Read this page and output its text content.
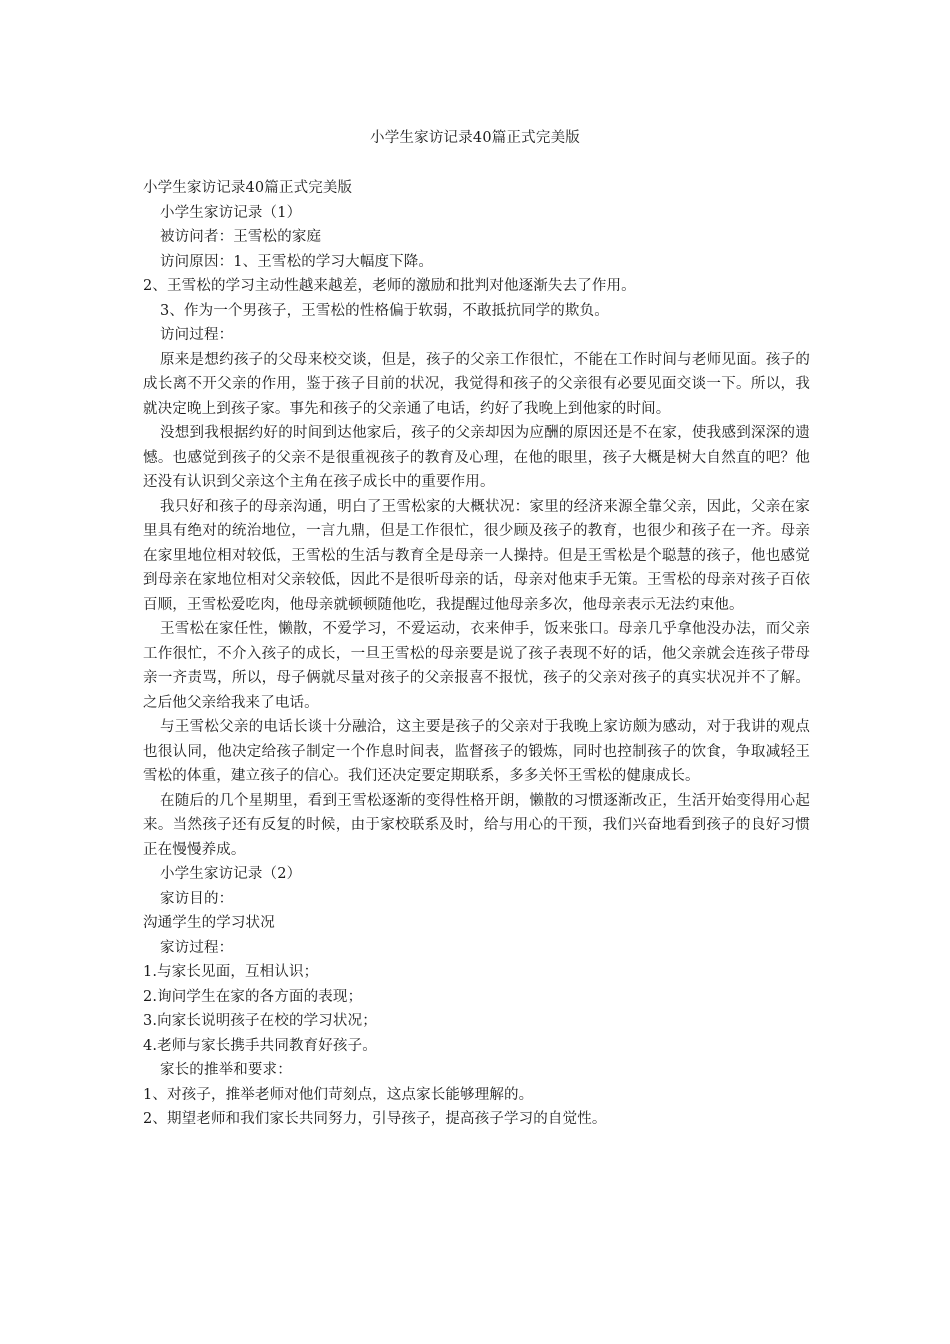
小学生家访记录40篇正式完美版

小学生家访记录40篇正式完美版

小学生家访记录（1）

被访问者：王雪松的家庭

访问原因：1、王雪松的学习大幅度下降。

2、王雪松的学习主动性越来越差，老师的激励和批判对他逐渐失去了作用。

3、作为一个男孩子，王雪松的性格偏于软弱，不敢抵抗同学的欺负。

访问过程：

原来是想约孩子的父母来校交谈，但是，孩子的父亲工作很忙，不能在工作时间与老师见面。孩子的成长离不开父亲的作用，鉴于孩子目前的状况，我觉得和孩子的父亲很有必要见面交谈一下。所以，我就决定晚上到孩子家。事先和孩子的父亲通了电话，约好了我晚上到他家的时间。

没想到我根据约好的时间到达他家后，孩子的父亲却因为应酬的原因还是不在家，使我感到深深的遗憾。也感觉到孩子的父亲不是很重视孩子的教育及心理，在他的眼里，孩子大概是树大自然直的吧？他还没有认识到父亲这个主角在孩子成长中的重要作用。

我只好和孩子的母亲沟通，明白了王雪松家的大概状况：家里的经济来源全靠父亲，因此，父亲在家里具有绝对的统治地位，一言九鼎，但是工作很忙，很少顾及孩子的教育，也很少和孩子在一齐。母亲在家里地位相对较低，王雪松的生活与教育全是母亲一人操持。但是王雪松是个聪慧的孩子，他也感觉到母亲在家地位相对父亲较低，因此不是很听母亲的话，母亲对他束手无策。王雪松的母亲对孩子百依百顺，王雪松爱吃肉，他母亲就顿顿随他吃，我提醒过他母亲多次，他母亲表示无法约束他。

王雪松在家任性，懒散，不爱学习，不爱运动，衣来伸手，饭来张口。母亲几乎拿他没办法，而父亲工作很忙，不介入孩子的成长，一旦王雪松的母亲要是说了孩子表现不好的话，他父亲就会连孩子带母亲一齐责骂，所以，母子俩就尽量对孩子的父亲报喜不报忧，孩子的父亲对孩子的真实状况并不了解。之后他父亲给我来了电话。

与王雪松父亲的电话长谈十分融洽，这主要是孩子的父亲对于我晚上家访颇为感动，对于我讲的观点也很认同，他决定给孩子制定一个作息时间表，监督孩子的锻炼，同时也控制孩子的饮食，争取减轻王雪松的体重，建立孩子的信心。我们还决定要定期联系，多多关怀王雪松的健康成长。

在随后的几个星期里，看到王雪松逐渐的变得性格开朗，懒散的习惯逐渐改正，生活开始变得用心起来。当然孩子还有反复的时候，由于家校联系及时，给与用心的干预，我们兴奋地看到孩子的良好习惯正在慢慢养成。

小学生家访记录（2）

家访目的：

沟通学生的学习状况

家访过程：

1.与家长见面，互相认识；

2.询问学生在家的各方面的表现；

3.向家长说明孩子在校的学习状况；

4.老师与家长携手共同教育好孩子。

家长的推举和要求：

1、对孩子，推举老师对他们苛刻点，这点家长能够理解的。

2、期望老师和我们家长共同努力，引导孩子，提高孩子学习的自觉性。
